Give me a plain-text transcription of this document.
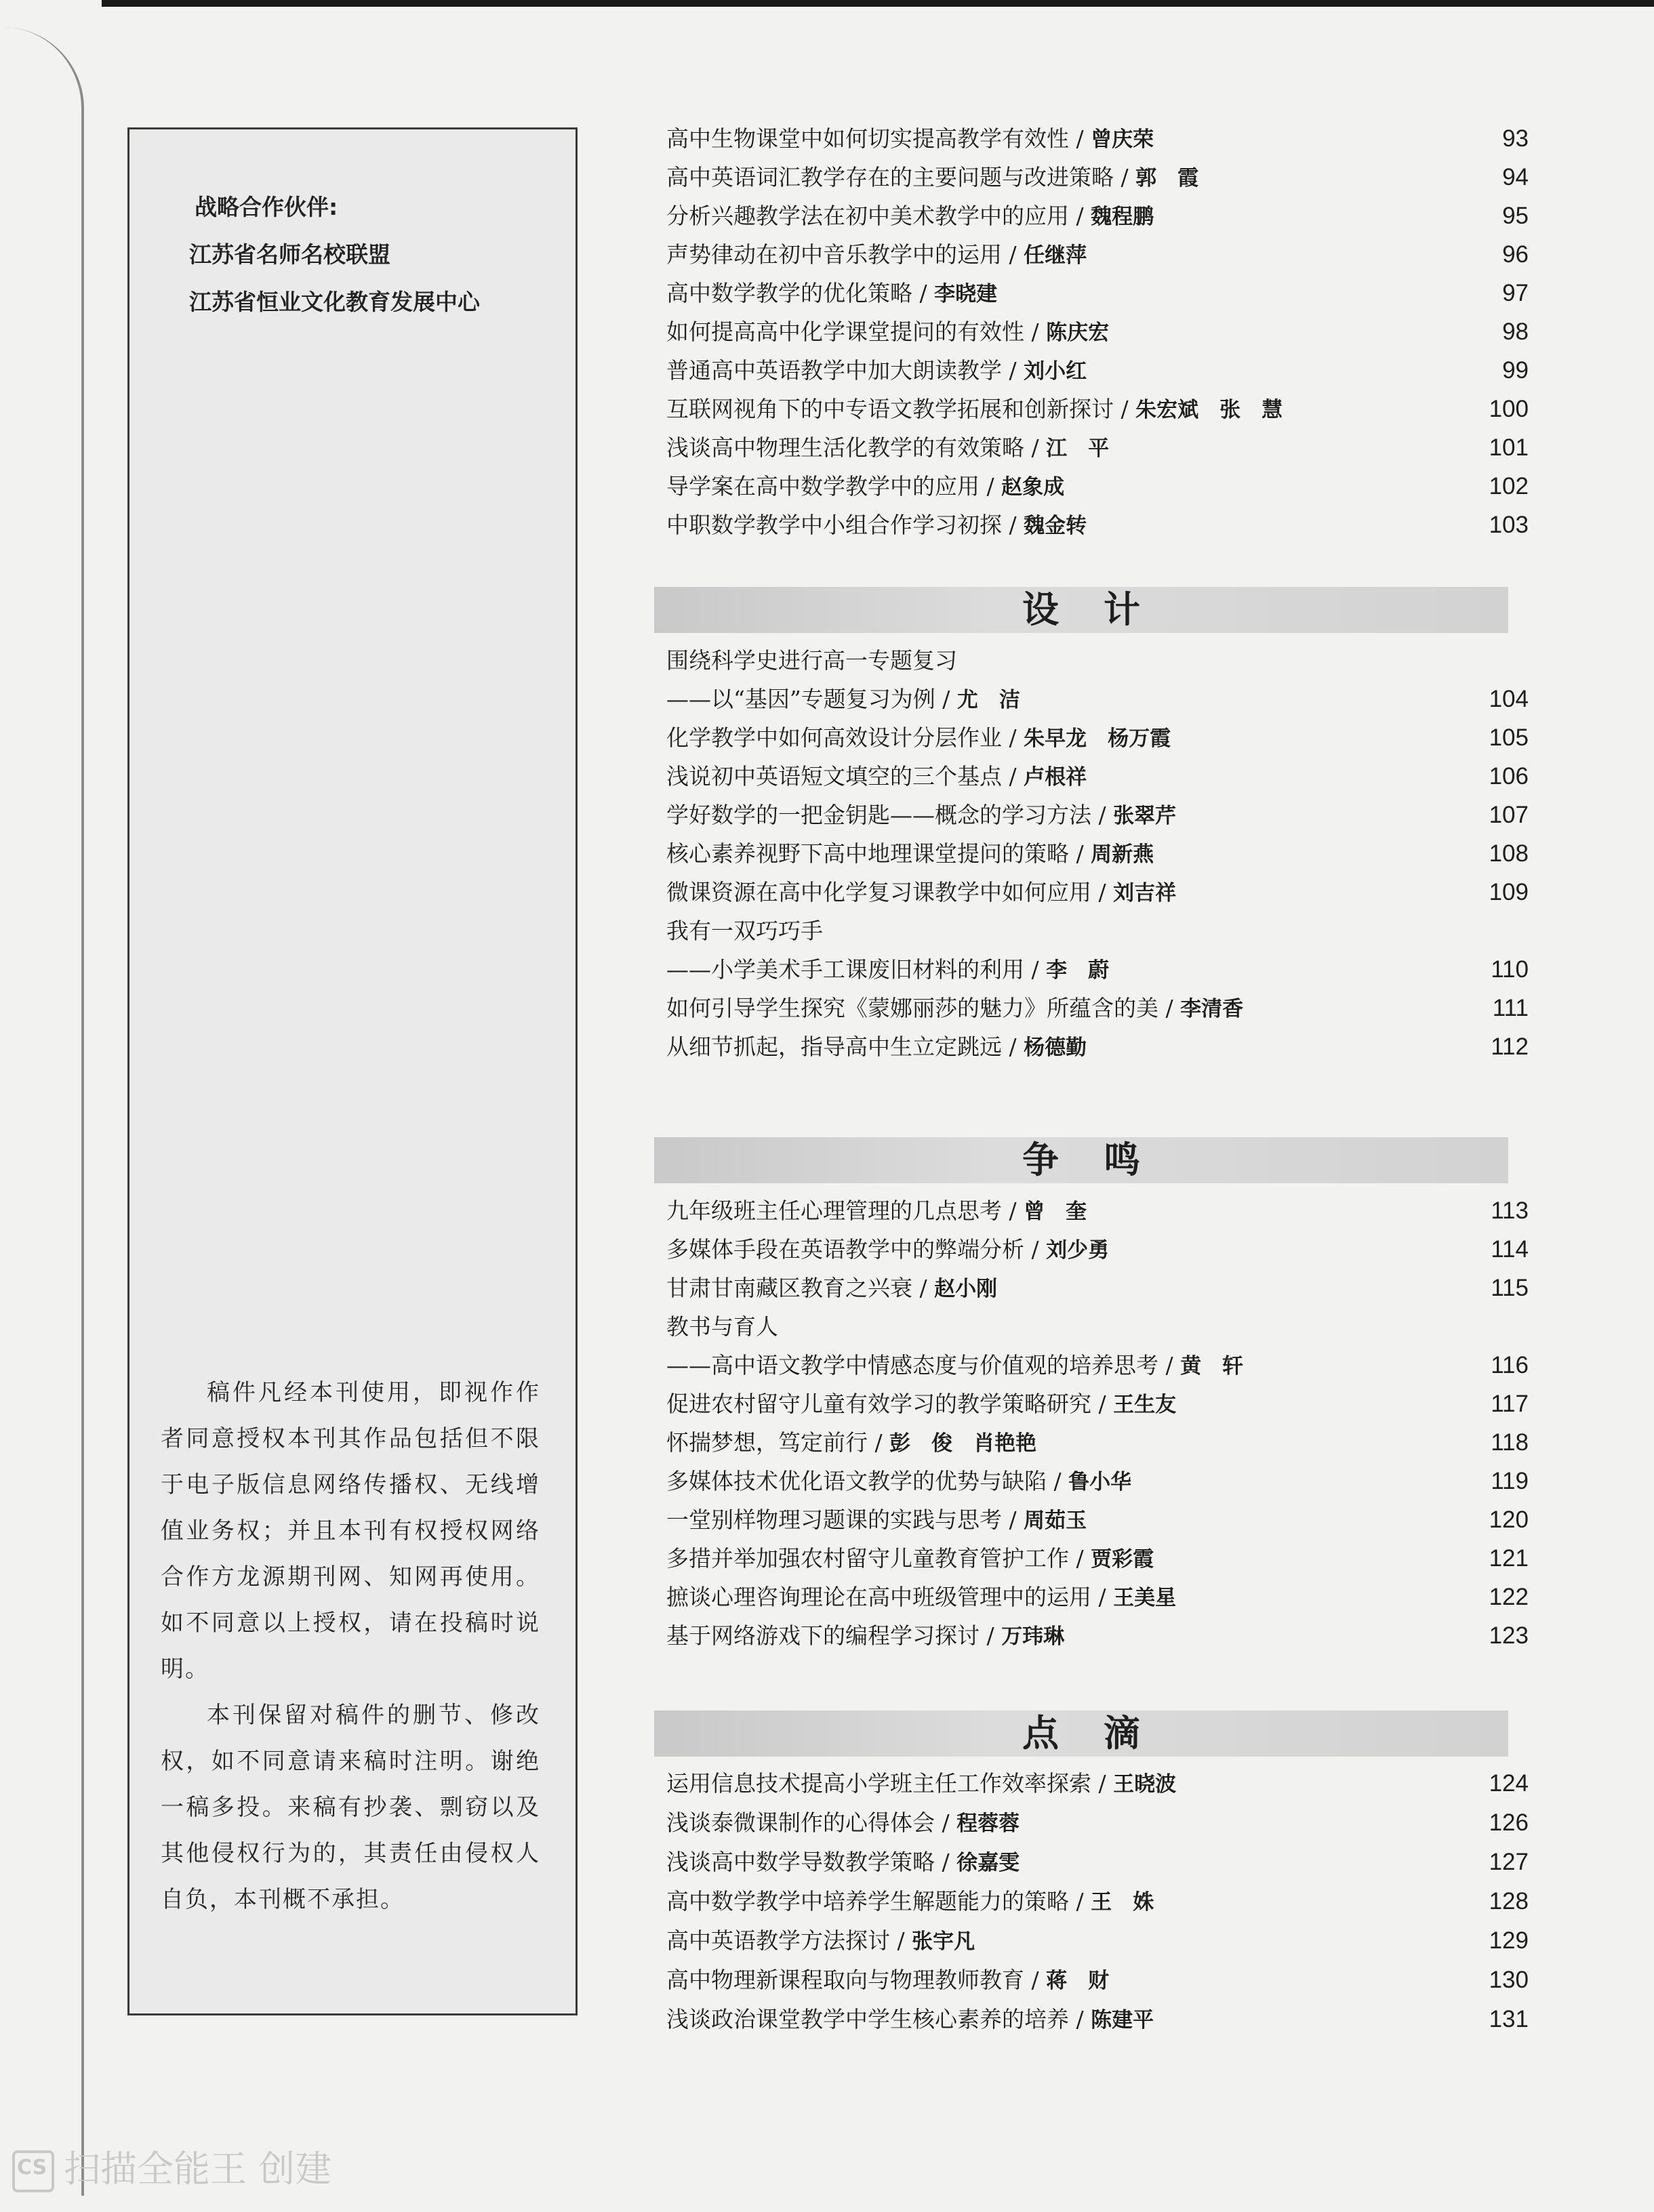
战略合作伙伴:
江苏省名师名校联盟
江苏省恒业文化教育发展中心

稿件凡经本刊使用，即视作作者同意授权本刊其作品包括但不限于电子版信息网络传播权、无线增值业务权；并且本刊有权授权网络合作方龙源期刊网、知网再使用。如不同意以上授权，请在投稿时说明。

本刊保留对稿件的删节、修改权，如不同意请来稿时注明。谢绝一稿多投。来稿有抄袭、剽窃以及其他侵权行为的，其责任由侵权人自负，本刊概不承担。

高中生物课堂中如何切实提高教学有效性 / 曾庆荣	93
高中英语词汇教学存在的主要问题与改进策略 / 郭　霞	94
分析兴趣教学法在初中美术教学中的应用 / 魏程鹏	95
声势律动在初中音乐教学中的运用 / 任继萍	96
高中数学教学的优化策略 / 李晓建	97
如何提高高中化学课堂提问的有效性 / 陈庆宏	98
普通高中英语教学中加大朗读教学 / 刘小红	99
互联网视角下的中专语文教学拓展和创新探讨 / 朱宏斌　张　慧	100
浅谈高中物理生活化教学的有效策略 / 江　平	101
导学案在高中数学教学中的应用 / 赵象成	102
中职数学教学中小组合作学习初探 / 魏金转	103
设计
围绕科学史进行高一专题复习
——以“基因”专题复习为例 / 尤　洁	104
化学教学中如何高效设计分层作业 / 朱早龙　杨万霞	105
浅说初中英语短文填空的三个基点 / 卢根祥	106
学好数学的一把金钥匙——概念的学习方法 / 张翠芹	107
核心素养视野下高中地理课堂提问的策略 / 周新燕	108
微课资源在高中化学复习课教学中如何应用 / 刘吉祥	109
我有一双巧巧手
——小学美术手工课废旧材料的利用 / 李　蔚	110
如何引导学生探究《蒙娜丽莎的魅力》所蕴含的美 / 李清香	111
从细节抓起，指导高中生立定跳远 / 杨德勤	112
争鸣
九年级班主任心理管理的几点思考 / 曾　奎	113
多媒体手段在英语教学中的弊端分析 / 刘少勇	114
甘肃甘南藏区教育之兴衰 / 赵小刚	115
教书与育人
——高中语文教学中情感态度与价值观的培养思考 / 黄　轩	116
促进农村留守儿童有效学习的教学策略研究 / 王生友	117
怀揣梦想，笃定前行 / 彭　俊　肖艳艳	118
多媒体技术优化语文教学的优势与缺陷 / 鲁小华	119
一堂别样物理习题课的实践与思考 / 周茹玉	120
多措并举加强农村留守儿童教育管护工作 / 贾彩霞	121
摭谈心理咨询理论在高中班级管理中的运用 / 王美星	122
基于网络游戏下的编程学习探讨 / 万玮琳	123
点滴
运用信息技术提高小学班主任工作效率探索 / 王晓波	124
浅谈泰微课制作的心得体会 / 程蓉蓉	126
浅谈高中数学导数教学策略 / 徐嘉雯	127
高中数学教学中培养学生解题能力的策略 / 王　姝	128
高中英语教学方法探讨 / 张宇凡	129
高中物理新课程取向与物理教师教育 / 蒋　财	130
浅谈政治课堂教学中学生核心素养的培养 / 陈建平	131
CS扫描全能王 创建
